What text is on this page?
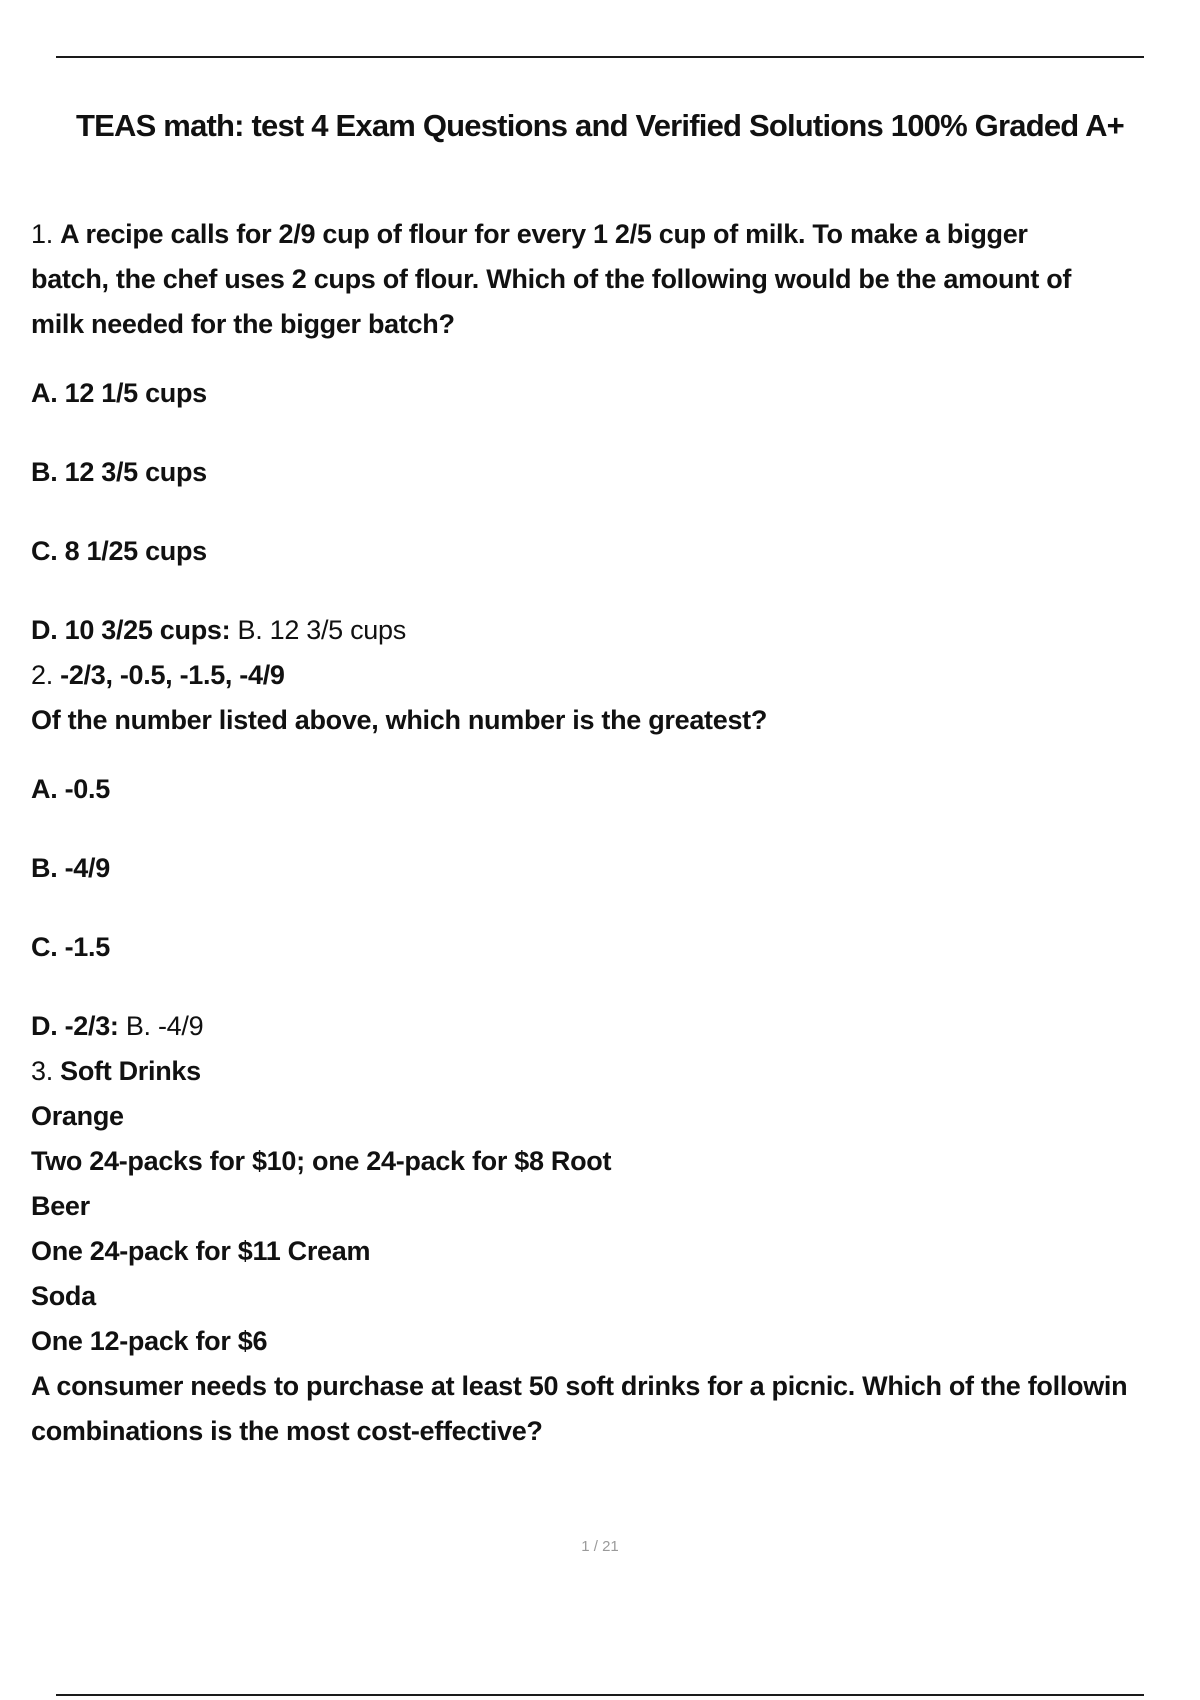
TEAS math: test 4 Exam Questions and Verified Solutions 100% Graded A+

1. A recipe calls for 2/9 cup of flour for every 1 2/5 cup of milk. To make a bigger

batch, the chef uses 2 cups of flour. Which of the following would be the amount of

milk needed for the bigger batch?

A. 12 1/5 cups

B. 12 3/5 cups

C. 8 1/25 cups

D. 10 3/25 cups: B. 12 3/5 cups

2. -2/3, -0.5, -1.5, -4/9

Of the number listed above, which number is the greatest?

A. -0.5

B. -4/9

C. -1.5

D. -2/3: B. -4/9

3. Soft Drinks

Orange

Two 24-packs for $10; one 24-pack for $8 Root

Beer

One 24-pack for $11 Cream

Soda

One 12-pack for $6

A consumer needs to purchase at least 50 soft drinks for a picnic. Which of the followin

combinations is the most cost-effective?

1 / 21
